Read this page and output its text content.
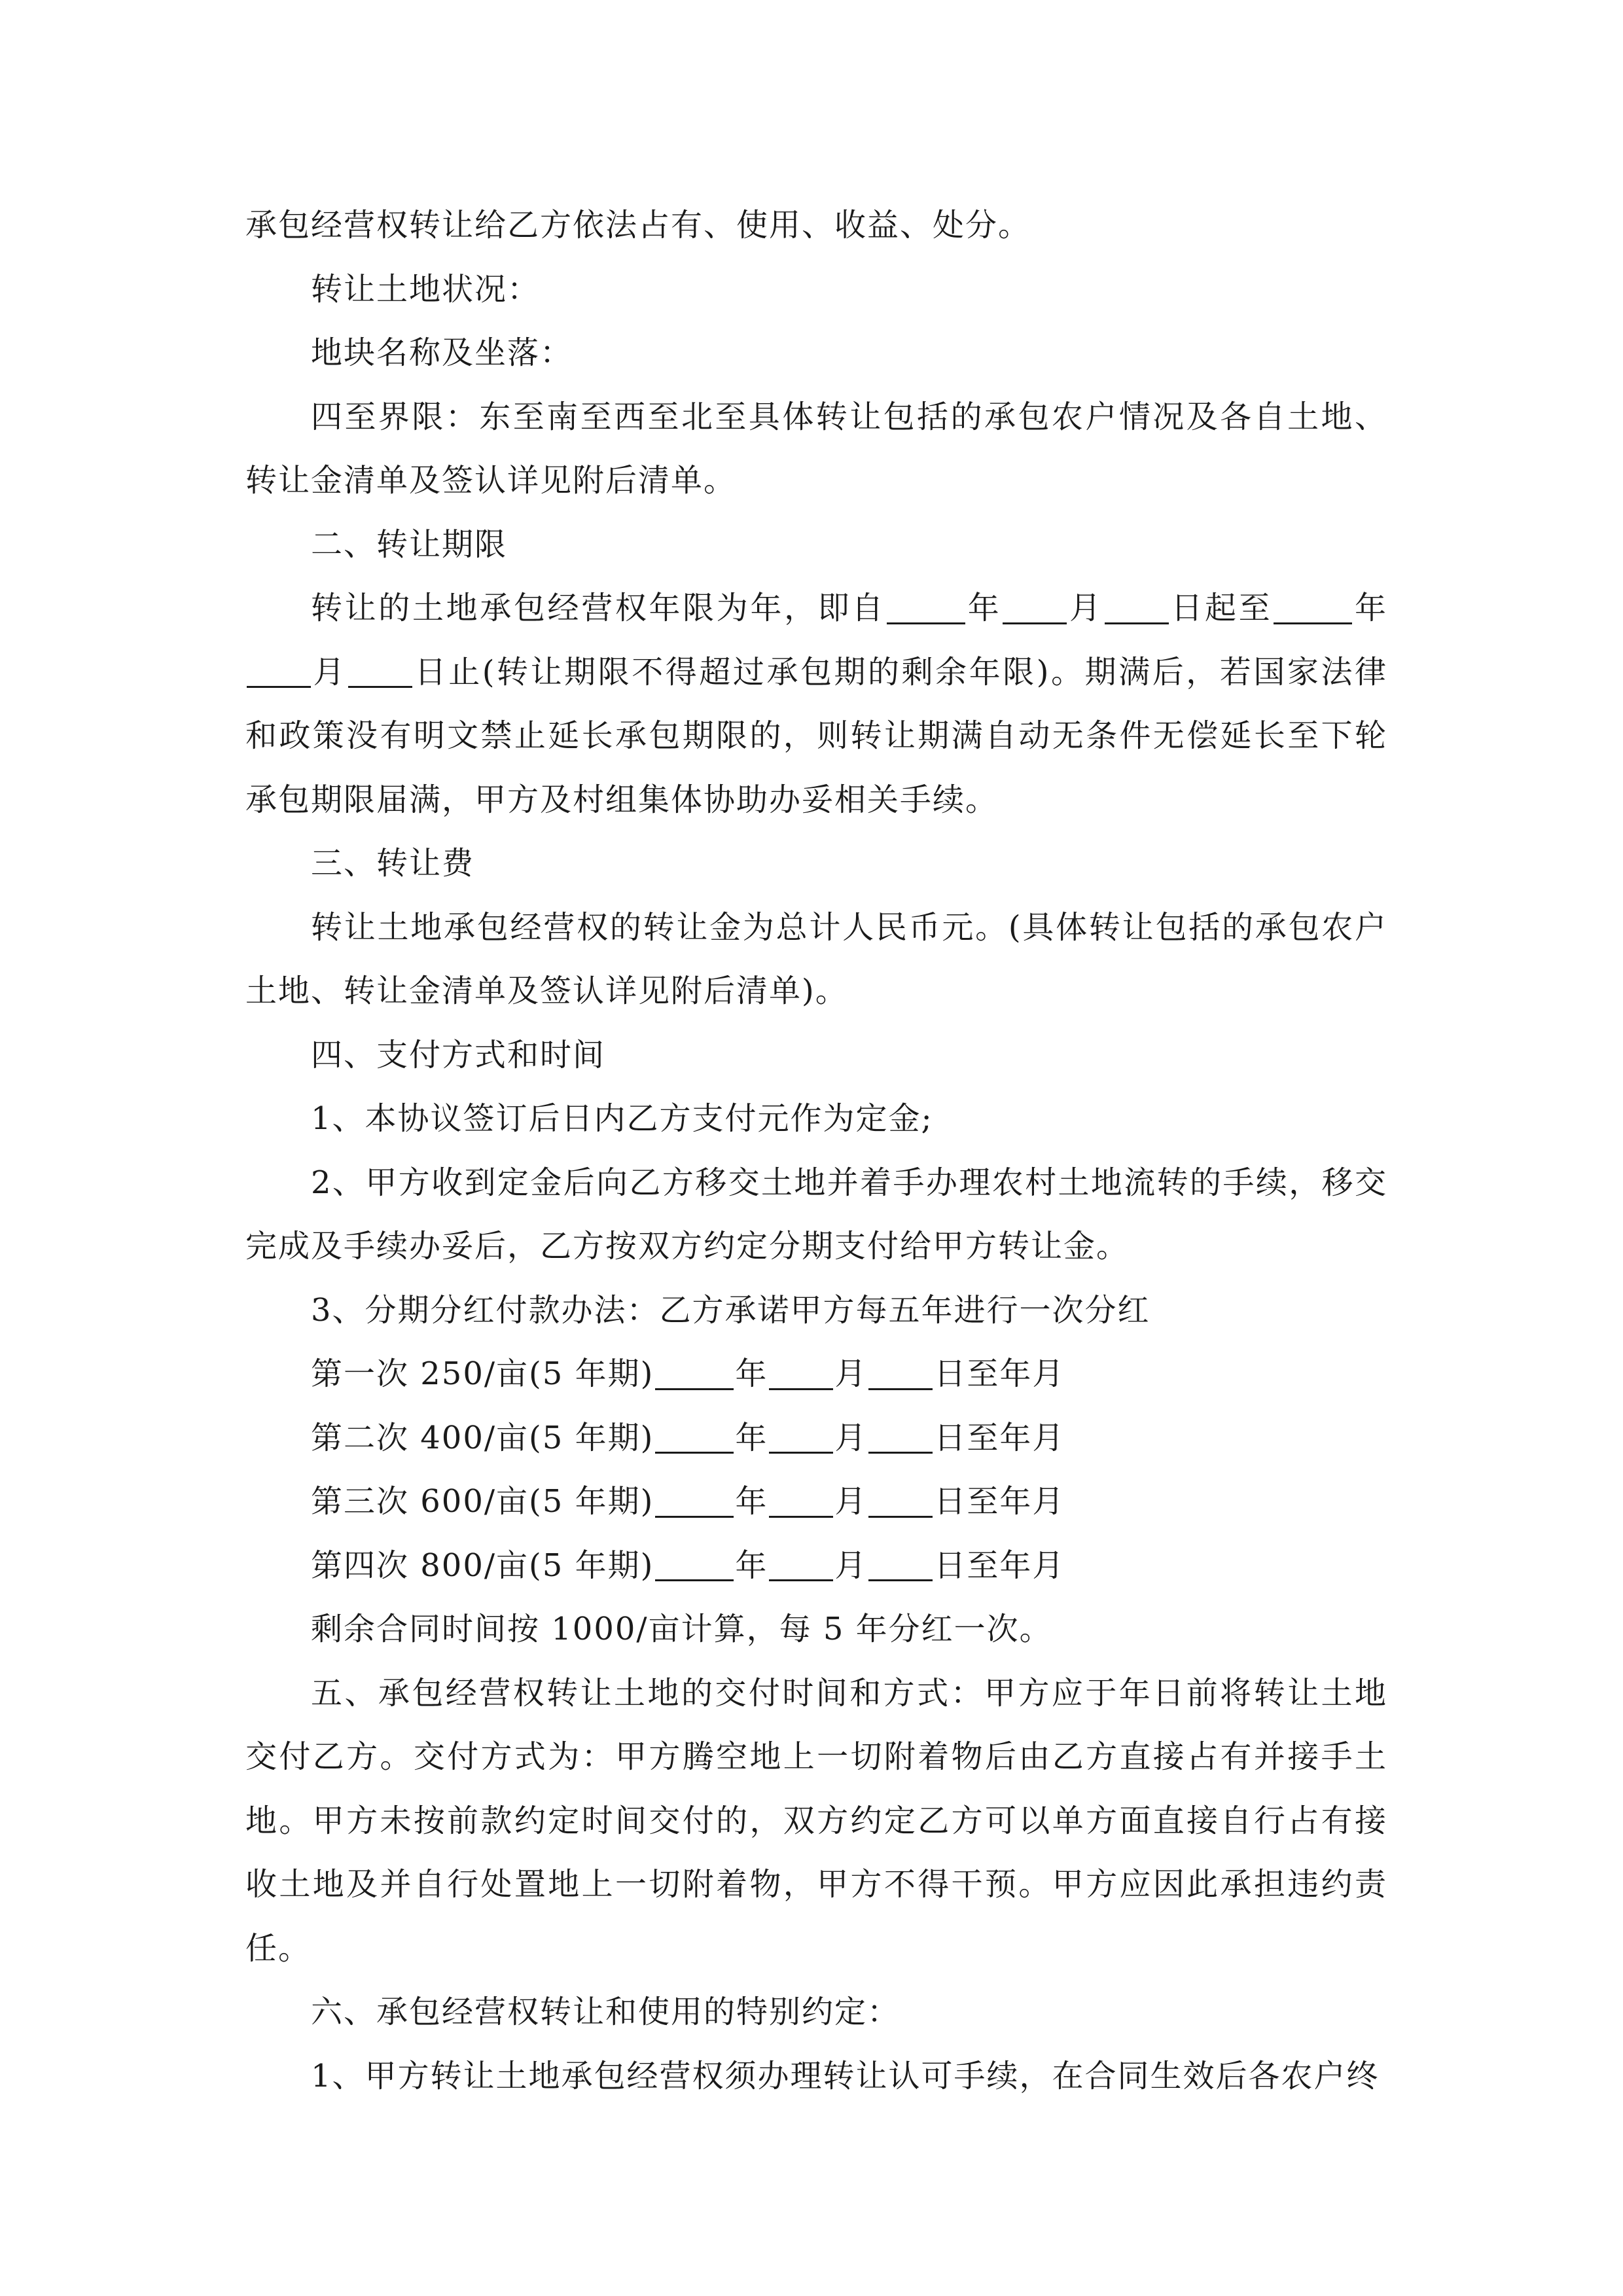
承包经营权转让给乙方依法占有、使用、收益、处分。

转让土地状况：

地块名称及坐落：

四至界限：东至南至西至北至具体转让包括的承包农户情况及各自土地、转让金清单及签认详见附后清单。

二、转让期限

转让的土地承包经营权年限为年，即自	年 月 日起至	年月 日止(转让期限不得超过承包期的剩余年限)。期满后，若国家法律和政策没有明文禁止延长承包期限的，则转让期满自动无条件无偿延长至下轮承包期限届满，甲方及村组集体协助办妥相关手续。

三、转让费

转让土地承包经营权的转让金为总计人民币元。(具体转让包括的承包农户土地、转让金清单及签认详见附后清单)。

四、支付方式和时间

1、本协议签订后日内乙方支付元作为定金;

2、甲方收到定金后向乙方移交土地并着手办理农村土地流转的手续，移交完成及手续办妥后，乙方按双方约定分期支付给甲方转让金。

3、分期分红付款办法：乙方承诺甲方每五年进行一次分红

第一次 250/亩(5 年期)	年 月 日至年月

第二次 400/亩(5 年期)	年 月 日至年月

第三次 600/亩(5 年期)	年 月 日至年月

第四次 800/亩(5 年期)	年 月 日至年月

剩余合同时间按 1000/亩计算，每 5 年分红一次。

五、承包经营权转让土地的交付时间和方式：甲方应于年日前将转让土地交付乙方。交付方式为：甲方腾空地上一切附着物后由乙方直接占有并接手土地。甲方未按前款约定时间交付的，双方约定乙方可以单方面直接自行占有接收土地及并自行处置地上一切附着物，甲方不得干预。甲方应因此承担违约责任。

六、承包经营权转让和使用的特别约定：

1、甲方转让土地承包经营权须办理转让认可手续，在合同生效后各农户终
